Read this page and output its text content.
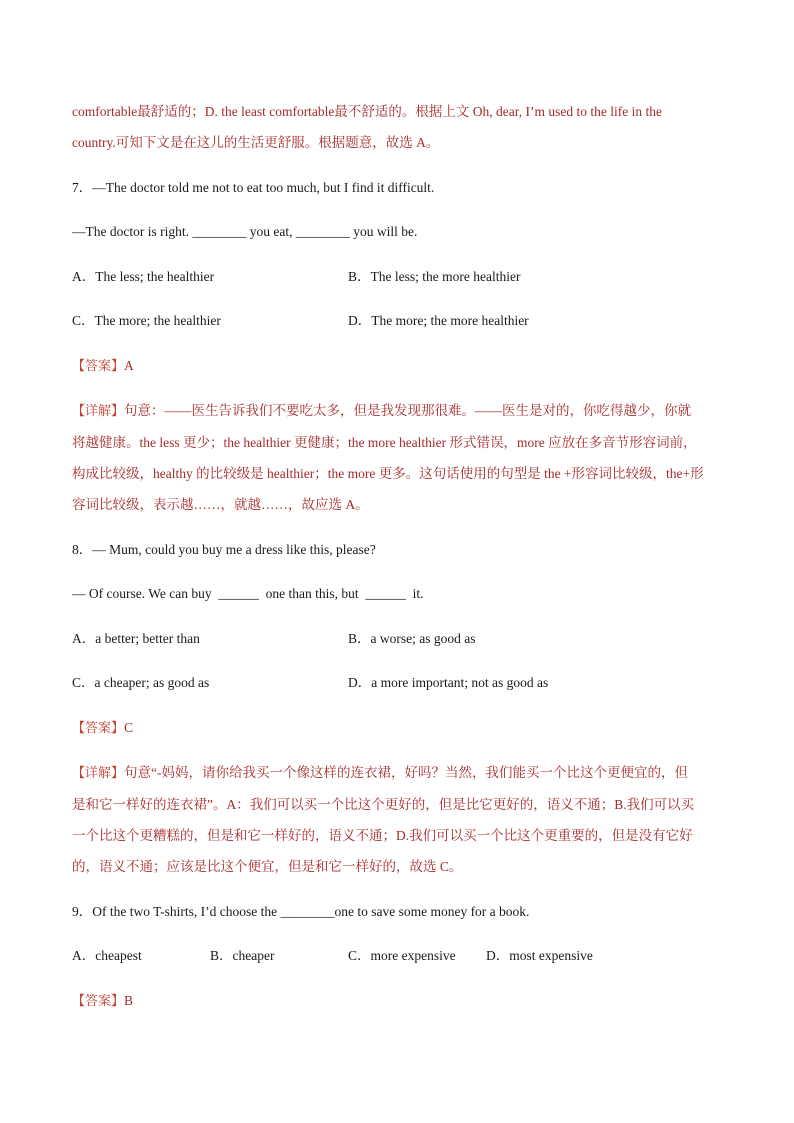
comfortable最舒适的；D. the least comfortable最不舒适的。根据上文 Oh, dear, I’m used to the life in the
country.可知下文是在这儿的生活更舒服。根据题意，故选 A。
7．—The doctor told me not to eat too much, but I find it difficult.
—The doctor is right. ________ you eat, ________ you will be.
A．The less; the healthier	B．The less; the more healthier
C．The more; the healthier	D．The more; the more healthier
【答案】A
【详解】句意：——医生告诉我们不要吃太多，但是我发现那很难。——医生是对的，你吃得越少，你就
将越健康。the less 更少；the healthier 更健康；the more healthier 形式错误，more 应放在多音节形容词前，
构成比较级，healthy 的比较级是 healthier；the more 更多。这句话使用的句型是 the +形容词比较级，the+形
容词比较级，表示越……，就越……，故应选 A。
8．— Mum, could you buy me a dress like this, please?
— Of course. We can buy  ______  one than this, but  ______  it.
A．a better; better than	B．a worse; as good as
C．a cheaper; as good as	D．a more important; not as good as
【答案】C
【详解】句意“-妈妈，请你给我买一个像这样的连衣裙，好吗？当然，我们能买一个比这个更便宜的，但
是和它一样好的连衣裙”。A：我们可以买一个比这个更好的，但是比它更好的，语义不通；B.我们可以买
一个比这个更糟糕的，但是和它一样好的，语义不通；D.我们可以买一个比这个更重要的，但是没有它好
的，语义不通；应该是比这个便宜，但是和它一样好的，故选 C。
9．Of the two T-shirts, I’d choose the ________one to save some money for a book.
A．cheapest	B．cheaper	C．more expensive	D．most expensive
【答案】B
